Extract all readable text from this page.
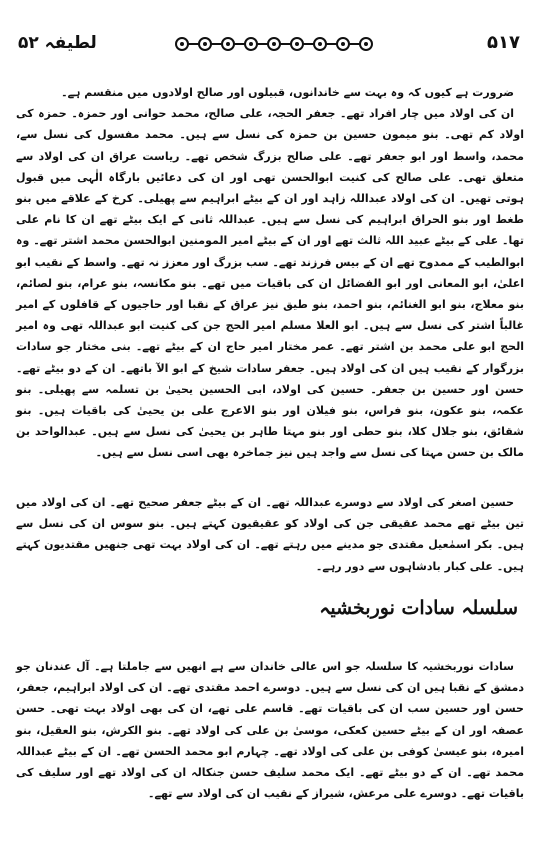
لطیفہ ۵۲	۵۱۷

ضرورت ہے کیوں کہ وہ بہت سے خاندانوں، قبیلوں اور صالح اولادوں میں منقسم ہے۔

ان کی اولاد میں چار افراد تھے۔ جعفر الحجہ، علی صالح، محمد حوانی اور حمزہ۔ حمزہ کی اولاد کم تھی۔ بنو میمون حسین بن حمزہ کی نسل سے ہیں۔ محمد مفسول کی نسل سے، محمد، واسط اور ابو جعفر تھے۔ علی صالح بزرگ شخص تھے۔ ریاست عراق ان کی اولاد سے متعلق تھی۔ علی صالح کی کنیت ابوالحسن تھی اور ان کی دعائیں بارگاہ الٰہی میں قبول ہوتی تھیں۔ ان کی اولاد عبداللہ زاہد اور ان کے بیٹے ابراہیم سے پھیلی۔ کرخ کے علاقے میں بنو طغط اور بنو الحراق ابراہیم کی نسل سے ہیں۔ عبداللہ ثانی کے ایک بیٹے تھے ان کا نام علی تھا۔ علی کے بیٹے عبید اللہ ثالث تھے اور ان کے بیٹے امیر المومنین ابوالحسن محمد اشتر تھے۔ وہ ابوالطیب کے ممدوح تھے ان کے بیس فرزند تھے۔ سب بزرگ اور معزز نہ تھے۔ واسط کے نقیب ابو اعلیٰ، ابو المعانی اور ابو الفضائل ان کی باقیات میں تھے۔ بنو مکانسہ، بنو عرام، بنو لصائم، بنو معلاج، بنو ابو الغنائم، بنو احمد، بنو طیق نیز عراق کے نقبا اور حاجیوں کے قافلوں کے امیر غالباً اشتر کی نسل سے ہیں۔ ابو العلا مسلم امیر الحج جن کی کنیت ابو عبداللہ تھی وہ امیر الحج ابو علی محمد بن اشتر تھے۔ عمر مختار امیر حاج ان کے بیٹے تھے۔ بنی مختار جو سادات بزرگوار کے نقیب ہیں ان کی اولاد ہیں۔ جعفر سادات شیخ کے ابو الآ باتھے۔ ان کے دو بیٹے تھے۔ حسن اور حسین بن جعفر۔ حسین کی اولاد، ابی الحسین یحییٰ بن تسلمہ سے پھیلی۔ بنو عکمہ، بنو عکون، بنو فراس، بنو فیلان اور بنو الاعرج علی بن یحییٰ کی باقیات ہیں۔ بنو شقائق، بنو جلال کلا، بنو حطی اور بنو مہتا طاہر بن یحییٰ کی نسل سے ہیں۔ عبدالواحد بن مالک بن حسن مہتا کی نسل سے واجد ہیں نیز جماخرہ بھی اسی نسل سے ہیں۔

حسین اصغر کی اولاد سے دوسرے عبداللہ تھے۔ ان کے بیٹے جعفر صحیح تھے۔ ان کی اولاد میں تین بیٹے تھے محمد عقیقی جن کی اولاد کو عقیقیون کہتے ہیں۔ بنو سوس ان کی نسل سے ہیں۔ بکر اسمٰعیل مقتدی جو مدینے میں رہتے تھے۔ ان کی اولاد بہت تھی جنھیں مقتدیون کہتے ہیں۔ علی کبار بادشاہوں سے دور رہے۔

سلسلہ سادات نوربخشیہ

سادات نوربخشیہ کا سلسلہ جو اس عالی خاندان سے ہے انھیں سے جاملتا ہے۔ آل عندنان جو دمشق کے نقبا ہیں ان کی نسل سے ہیں۔ دوسرے احمد مقتدی تھے۔ ان کی اولاد ابراہیم، جعفر، حسن اور حسین سب ان کی باقیات تھے۔ قاسم علی تھے، ان کی بھی اولاد بہت تھی۔ حسن عصفہ اور ان کے بیٹے حسین کعکی، موسیٰ بن علی کی اولاد تھے۔ بنو الکرش، بنو العقیل، بنو امیرہ، بنو عیسیٰ کوفی بن علی کی اولاد تھے۔ چہارم ابو محمد الحسن تھے۔ ان کے بیٹے عبداللہ محمد تھے۔ ان کے دو بیٹے تھے۔ ایک محمد سلیف حسن جنکالہ ان کی اولاد تھے اور سلیف کی باقیات تھے۔ دوسرے علی مرعش، شیراز کے نقیب ان کی اولاد سے تھے۔
